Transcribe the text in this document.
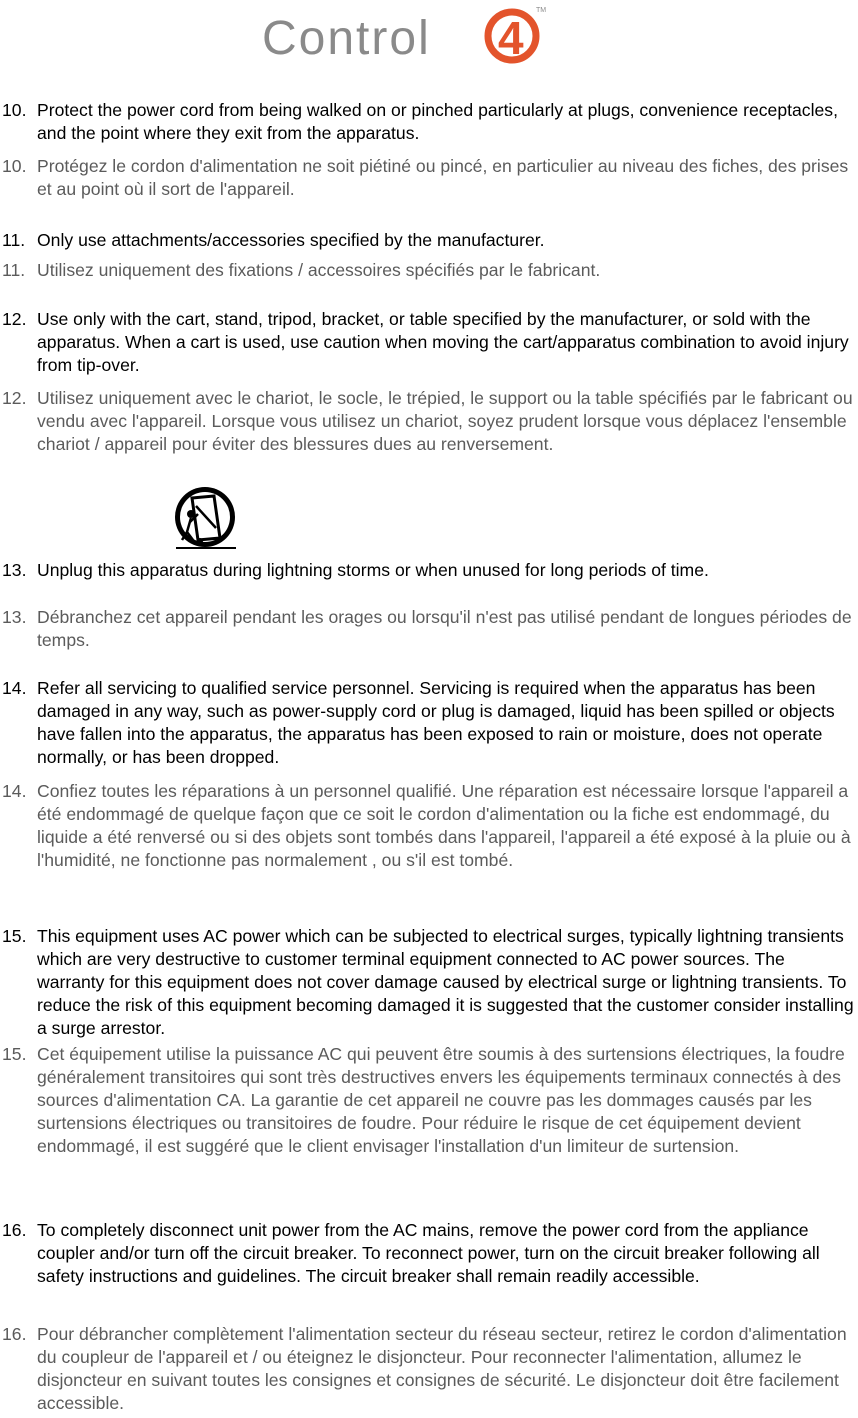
Control 4
TM
10. Protect the power cord from being walked on or pinched particularly at plugs, convenience receptacles, and the point where they exit from the apparatus.
10. Protégez le cordon d'alimentation ne soit piétiné ou pincé, en particulier au niveau des fiches, des prises et au point où il sort de l'appareil.
11. Only use attachments/accessories specified by the manufacturer.
11. Utilisez uniquement des fixations / accessoires spécifiés par le fabricant.
12. Use only with the cart, stand, tripod, bracket, or table specified by the manufacturer, or sold with the apparatus. When a cart is used, use caution when moving the cart/apparatus combination to avoid injury from tip-over.
12. Utilisez uniquement avec le chariot, le socle, le trépied, le support ou la table spécifiés par le fabricant ou vendu avec l'appareil. Lorsque vous utilisez un chariot, soyez prudent lorsque vous déplacez l'ensemble chariot / appareil pour éviter des blessures dues au renversement.
13. Unplug this apparatus during lightning storms or when unused for long periods of time.
13. Débranchez cet appareil pendant les orages ou lorsqu'il n'est pas utilisé pendant de longues périodes de temps.
14. Refer all servicing to qualified service personnel. Servicing is required when the apparatus has been damaged in any way, such as power-supply cord or plug is damaged, liquid has been spilled or objects have fallen into the apparatus, the apparatus has been exposed to rain or moisture, does not operate normally, or has been dropped.
14. Confiez toutes les réparations à un personnel qualifié. Une réparation est nécessaire lorsque l'appareil a été endommagé de quelque façon que ce soit le cordon d'alimentation ou la fiche est endommagé, du liquide a été renversé ou si des objets sont tombés dans l'appareil, l'appareil a été exposé à la pluie ou à l'humidité, ne fonctionne pas normalement , ou s'il est tombé.
15. This equipment uses AC power which can be subjected to electrical surges, typically lightning transients which are very destructive to customer terminal equipment connected to AC power sources. The warranty for this equipment does not cover damage caused by electrical surge or lightning transients. To reduce the risk of this equipment becoming damaged it is suggested that the customer consider installing a surge arrestor.
15. Cet équipement utilise la puissance AC qui peuvent être soumis à des surtensions électriques, la foudre généralement transitoires qui sont très destructives envers les équipements terminaux connectés à des sources d'alimentation CA. La garantie de cet appareil ne couvre pas les dommages causés par les surtensions électriques ou transitoires de foudre. Pour réduire le risque de cet équipement devient endommagé, il est suggéré que le client envisager l'installation d'un limiteur de surtension.
16. To completely disconnect unit power from the AC mains, remove the power cord from the appliance coupler and/or turn off the circuit breaker. To reconnect power, turn on the circuit breaker following all safety instructions and guidelines. The circuit breaker shall remain readily accessible.
16. Pour débrancher complètement l'alimentation secteur du réseau secteur, retirez le cordon d'alimentation du coupleur de l'appareil et / ou éteignez le disjoncteur. Pour reconnecter l'alimentation, allumez le disjoncteur en suivant toutes les consignes et consignes de sécurité. Le disjoncteur doit être facilement accessible.
